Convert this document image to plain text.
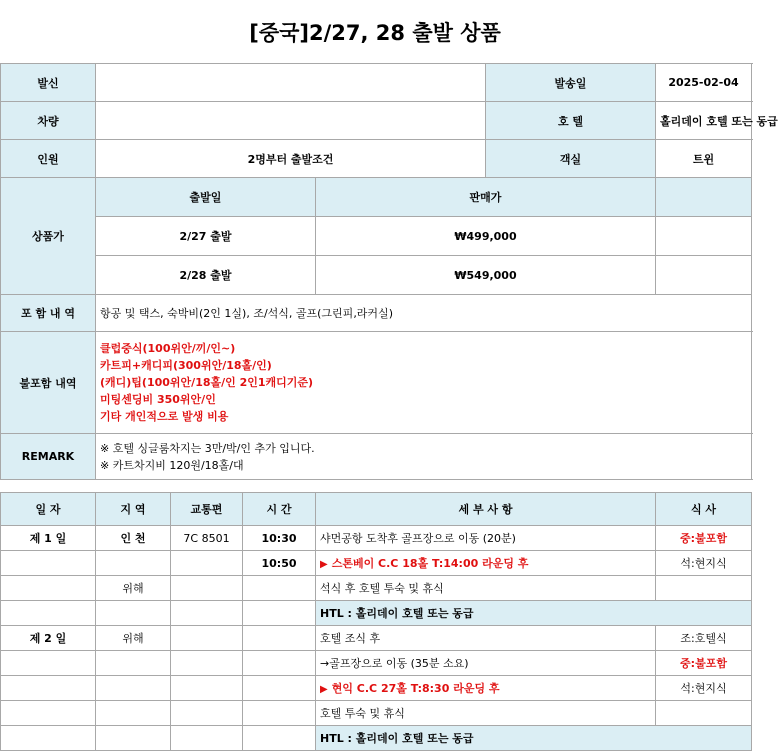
[중국]2/27, 28 출발 상품
발신			발송일	2025-02-04	
차량			호 텔	홀리데이 호텔 또는 동급	
인원	2명부터 출발조건		객실	트윈	
상품가	출발일	판매가		
	2/27 출발	₩499,000			
	2/28 출발	₩549,000			
포 함 내 역	항공 및 택스, 숙박비(2인 1실), 조/석식, 골프(그린피,라커실)				
불포함 내역	클럽중식(100위안/끼/인~)
카트피+캐디피(300위안/18홀/인)
(캐디)팁(100위안/18홀/인 2인1캐디기준)
미팅센딩비 350위안/인
기타 개인적으로 발생 비용				

REMARK	※ 호텔 싱글룸차지는 3만/박/인 추가 입니다.
※ 카트차지비 120원/18홀/대				
일 자	지 역	교통편	시 간	세 부 사 항	식 사
제 1 일	인 천	7C 8501	10:30	샤먼공항 도착후 골프장으로 이동 (20분)	중:불포함
			10:50	▶ 스톤베이 C.C 18홀 T:14:00 라운딩 후	석:현지식
	위해			석식 후 호텔 투숙 및 휴식	
				HTL : 홀리데이 호텔 또는 동급	
제 2 일	위해			호텔 조식 후	조:호텔식
				→골프장으로 이동 (35분 소요)	중:불포함
				▶ 현익 C.C 27홀 T:8:30 라운딩 후	석:현지식
				호텔 투숙 및 휴식	
				HTL : 홀리데이 호텔 또는 동급	
